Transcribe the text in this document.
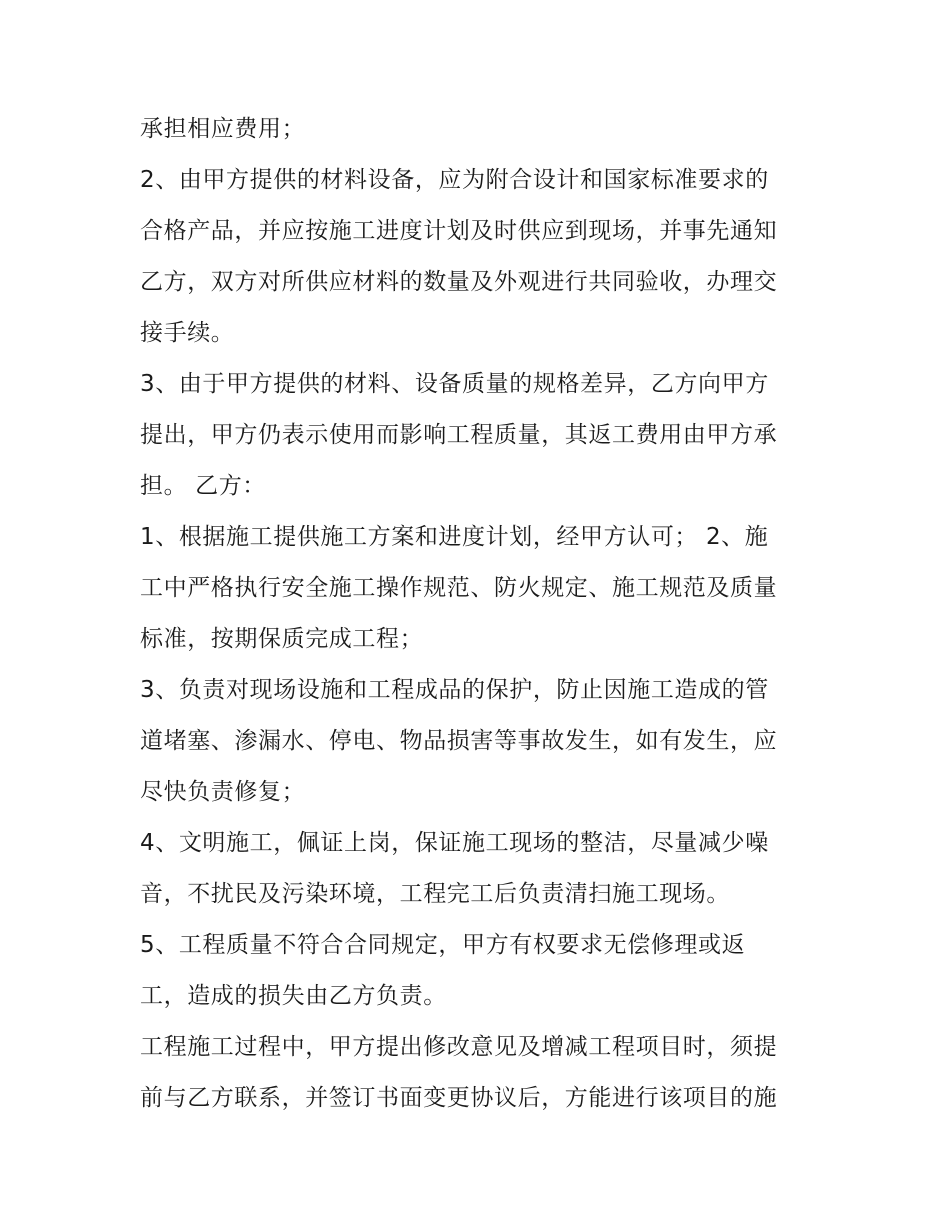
承担相应费用；
2、由甲方提供的材料设备，应为附合设计和国家标准要求的
合格产品，并应按施工进度计划及时供应到现场，并事先通知
乙方，双方对所供应材料的数量及外观进行共同验收，办理交
接手续。
3、由于甲方提供的材料、设备质量的规格差异，乙方向甲方
提出，甲方仍表示使用而影响工程质量，其返工费用由甲方承
担。 乙方：
1、根据施工提供施工方案和进度计划，经甲方认可； 2、施
工中严格执行安全施工操作规范、防火规定、施工规范及质量
标准，按期保质完成工程；
3、负责对现场设施和工程成品的保护，防止因施工造成的管
道堵塞、渗漏水、停电、物品损害等事故发生，如有发生，应
尽快负责修复；
4、文明施工，佩证上岗，保证施工现场的整洁，尽量减少噪
音，不扰民及污染环境，工程完工后负责清扫施工现场。
5、工程质量不符合合同规定，甲方有权要求无偿修理或返
工，造成的损失由乙方负责。
工程施工过程中，甲方提出修改意见及增减工程项目时，须提
前与乙方联系，并签订书面变更协议后，方能进行该项目的施
